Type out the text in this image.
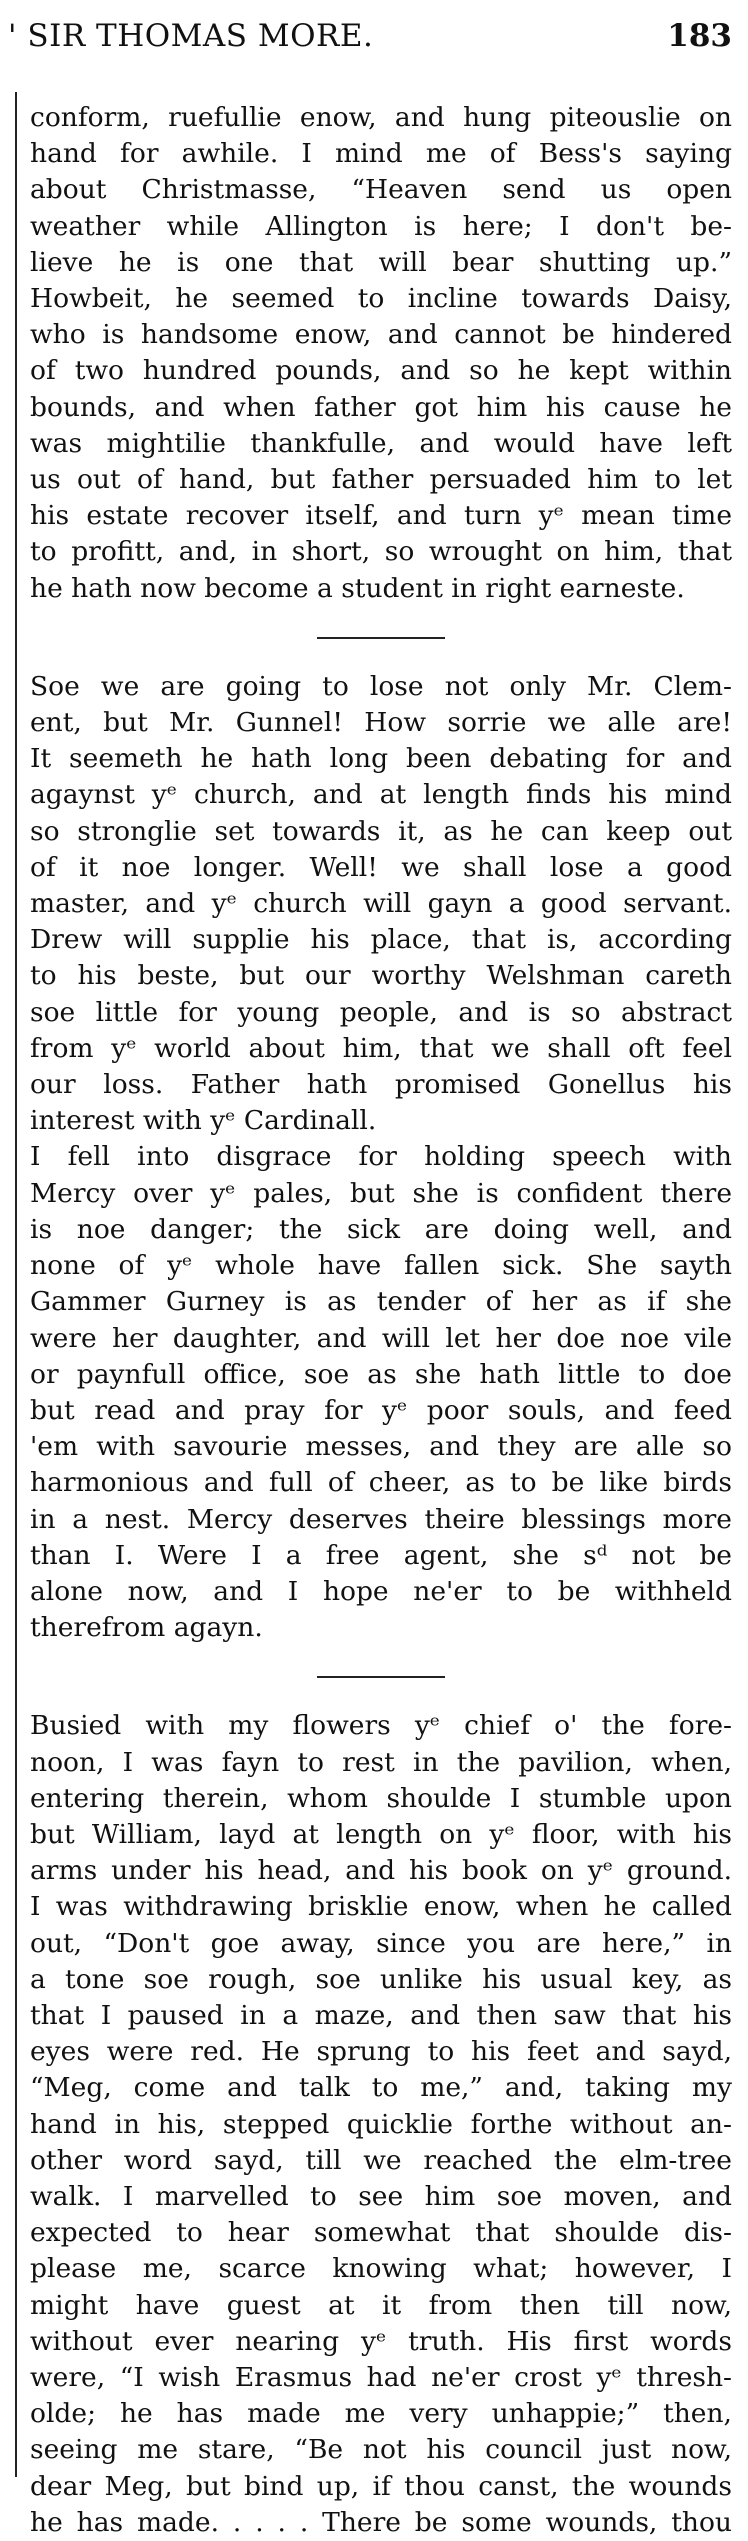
' SIR THOMAS MORE.	183
conform, ruefullie enow, and hung piteouslie on
hand for awhile. I mind me of Bess's saying
about Christmasse, “Heaven send us open
weather while Allington is here; I don't be-
lieve he is one that will bear shutting up.”
Howbeit, he seemed to incline towards Daisy,
who is handsome enow, and cannot be hindered
of two hundred pounds, and so he kept within
bounds, and when father got him his cause he
was mightilie thankfulle, and would have left
us out of hand, but father persuaded him to let
his estate recover itself, and turn yᵉ mean time
to profitt, and, in short, so wrought on him, that
he hath now become a student in right earneste.
Soe we are going to lose not only Mr. Clem-
ent, but Mr. Gunnel! How sorrie we alle are!
It seemeth he hath long been debating for and
agaynst yᵉ church, and at length finds his mind
so stronglie set towards it, as he can keep out
of it noe longer. Well! we shall lose a good
master, and yᵉ church will gayn a good servant.
Drew will supplie his place, that is, according
to his beste, but our worthy Welshman careth
soe little for young people, and is so abstract
from yᵉ world about him, that we shall oft feel
our loss. Father hath promised Gonellus his
interest with yᵉ Cardinall.
I fell into disgrace for holding speech with
Mercy over yᵉ pales, but she is confident there
is noe danger; the sick are doing well, and
none of yᵉ whole have fallen sick. She sayth
Gammer Gurney is as tender of her as if she
were her daughter, and will let her doe noe vile
or paynfull office, soe as she hath little to doe
but read and pray for yᵉ poor souls, and feed
'em with savourie messes, and they are alle so
harmonious and full of cheer, as to be like birds
in a nest. Mercy deserves theire blessings more
than I. Were I a free agent, she sᵈ not be
alone now, and I hope ne'er to be withheld
therefrom agayn.
Busied with my flowers yᵉ chief o' the fore-
noon, I was fayn to rest in the pavilion, when,
entering therein, whom shoulde I stumble upon
but William, layd at length on yᵉ floor, with his
arms under his head, and his book on yᵉ ground.
I was withdrawing brisklie enow, when he called
out, “Don't goe away, since you are here,” in
a tone soe rough, soe unlike his usual key, as
that I paused in a maze, and then saw that his
eyes were red. He sprung to his feet and sayd,
“Meg, come and talk to me,” and, taking my
hand in his, stepped quicklie forthe without an-
other word sayd, till we reached the elm-tree
walk. I marvelled to see him soe moven, and
expected to hear somewhat that shoulde dis-
please me, scarce knowing what; however, I
might have guest at it from then till now,
without ever nearing yᵉ truth. His first words
were, “I wish Erasmus had ne'er crost yᵉ thresh-
olde; he has made me very unhappie;” then,
seeing me stare, “Be not his council just now,
dear Meg, but bind up, if thou canst, the wounds
he has made. . . . . There be some wounds, thou
